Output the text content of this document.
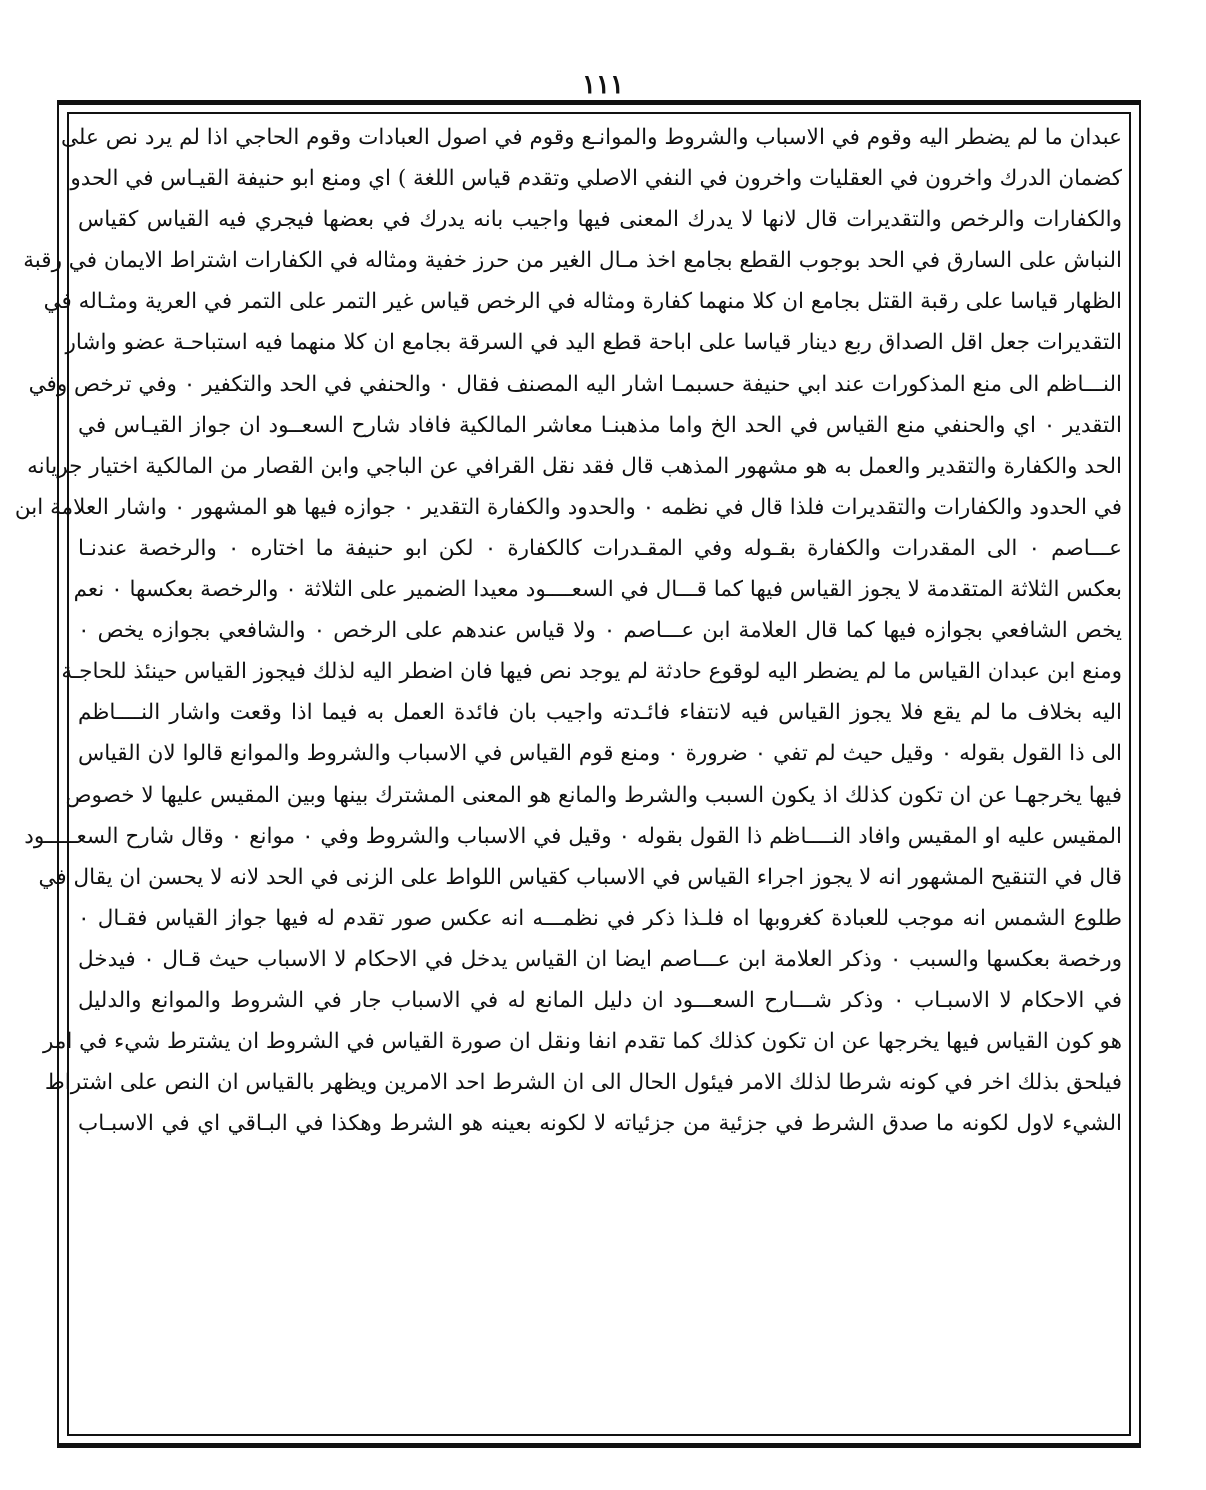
١١١
عبدان ما لم يضطر اليه وقوم في الاسباب والشروط والموانـع وقوم في اصول العبادات وقوم الحاجي اذا لم يرد نص على
كضمان الدرك واخرون في العقليات واخرون في النفي الاصلي وتقدم قياس اللغة ) اي ومنع ابو حنيفة القيـاس في الحدو
والكفارات والرخص والتقديرات قال لانها لا يدرك المعنى فيها واجيب بانه يدرك في بعضها فيجري فيه القياس كقياس
النباش على السارق في الحد بوجوب القطع بجامع اخذ مـال الغير من حرز خفية ومثاله في الكفارات اشتراط الايمان في رقبة
الظهار قياسا على رقبة القتل بجامع ان كلا منهما كفارة ومثاله في الرخص قياس غير التمر على التمر في العرية ومثـاله في
التقديرات جعل اقل الصداق ربع دينار قياسا على اباحة قطع اليد في السرقة بجامع ان كلا منهما فيه استباحـة عضو واشار
النـــاظم الى منع المذكورات عند ابي حنيفة حسبمـا اشار اليه المصنف فقال ٠ والحنفي في الحد والتكفير ٠ وفي ترخص وفي
التقدير ٠ اي والحنفي منع القياس في الحد الخ واما مذهبنـا معاشر المالكية فافاد شارح السعــود ان جواز القيـاس في
الحد والكفارة والتقدير والعمل به هو مشهور المذهب قال فقد نقل القرافي عن الباجي وابن القصار من المالكية اختيار جريانه
في الحدود والكفارات والتقديرات فلذا قال في نظمه ٠ والحدود والكفارة التقدير ٠ جوازه فيها هو المشهور ٠ واشار العلامة ابن
عـــاصم ٠ الى المقدرات والكفارة بقـوله وفي المقـدرات كالكفارة ٠ لكن ابو حنيفة ما اختاره ٠ والرخصة عندنـا
بعكس الثلاثة المتقدمة لا يجوز القياس فيها كما قـــال في السعــــود معيدا الضمير على الثلاثة ٠ والرخصة بعكسها ٠ نعم
يخص الشافعي بجوازه فيها كما قال العلامة ابن عـــاصم ٠ ولا قياس عندهم على الرخص ٠ والشافعي بجوازه يخص ٠
ومنع ابن عبدان القياس ما لم يضطر اليه لوقوع حادثة لم يوجد نص فيها فان اضطر اليه لذلك فيجوز القياس حينئذ للحاجـة
اليه بخلاف ما لم يقع فلا يجوز القياس فيه لانتفاء فائـدته واجيب بان فائدة العمل به فيما اذا وقعت واشار النــــاظم
الى ذا القول بقوله ٠ وقيل حيث لم تفي ٠ ضرورة ٠ ومنع قوم القياس في الاسباب والشروط والموانع قالوا لان القياس
فيها يخرجهـا عن ان تكون كذلك اذ يكون السبب والشرط والمانع هو المعنى المشترك بينها وبين المقيس عليها لا خصوص
المقيس عليه او المقيس وافاد النــــاظم ذا القول بقوله ٠ وقيل في الاسباب والشروط وفي ٠ موانع ٠ وقال شارح السعـــــود
قال في التنقيح المشهور انه لا يجوز اجراء القياس في الاسباب كقياس اللواط على الزنى في الحد لانه لا يحسن ان يقال في
طلوع الشمس انه موجب للعبادة كغروبها اه فلـذا ذكر في نظمـــه انه عكس صور تقدم له فيها جواز القياس فقـال ٠
ورخصة بعكسها والسبب ٠ وذكر العلامة ابن عـــاصم ايضا ان القياس يدخل في الاحكام لا الاسباب حيث قـال ٠ فيدخل
في الاحكام لا الاسبـاب ٠ وذكر شـــارح السعـــود ان دليل المانع له في الاسباب جار في الشروط والموانع والدليل
هو كون القياس فيها يخرجها عن ان تكون كذلك كما تقدم انفا ونقل ان صورة القياس في الشروط ان يشترط شيء في امر
فيلحق بذلك اخر في كونه شرطا لذلك الامر فيئول الحال الى ان الشرط احد الامرين ويظهر بالقياس ان النص على اشتراط
الشيء لاول لكونه ما صدق الشرط في جزئية من جزئياته لا لكونه بعينه هو الشرط وهكذا في البـاقي اي في الاسبـاب
